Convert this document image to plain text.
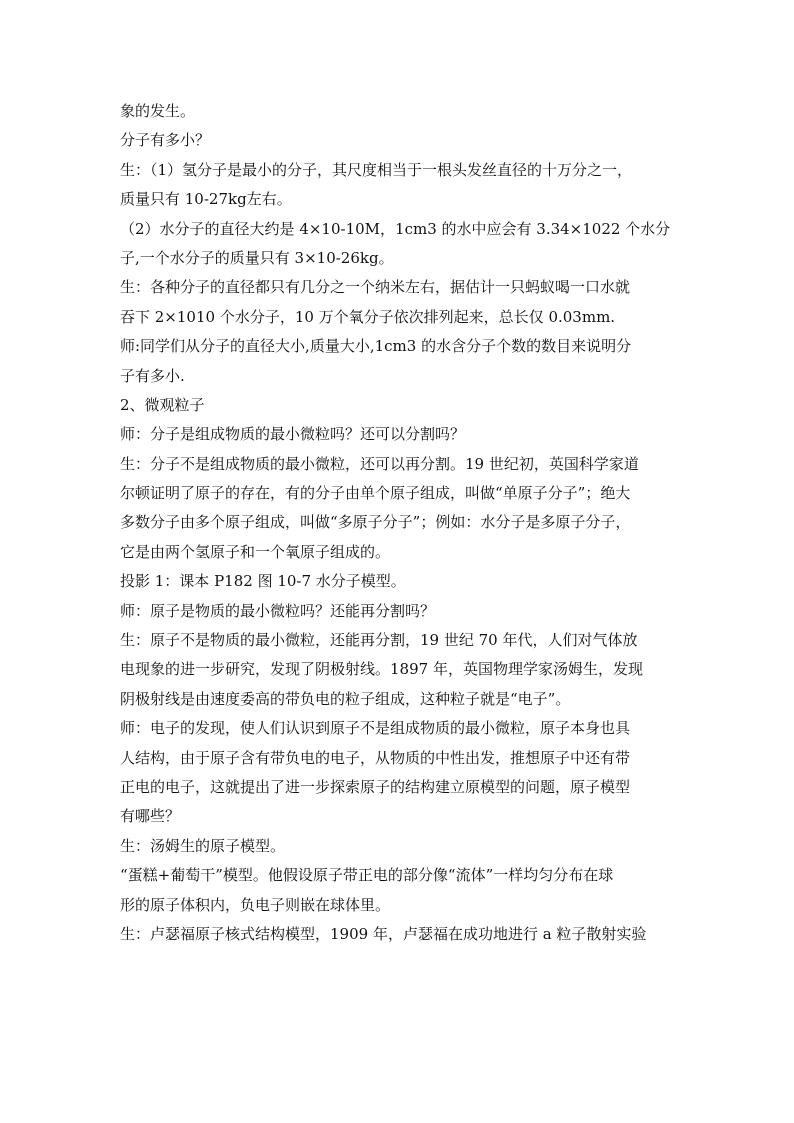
象的发生。

分子有多小？

生：（1）氢分子是最小的分子，其尺度相当于一根头发丝直径的十万分之一，

质量只有 10-27kg左右。

（2）水分子的直径大约是 4×10-10M，1cm3 的水中应会有 3.34×1022 个水分

子,一个水分子的质量只有 3×10-26kg。

生：各种分子的直径都只有几分之一个纳米左右，据估计一只蚂蚁喝一口水就

吞下 2×1010 个水分子，10 万个氧分子依次排列起来，总长仅 0.03mm.

师:同学们从分子的直径大小,质量大小,1cm3 的水含分子个数的数目来说明分

子有多小.

2、微观粒子

师：分子是组成物质的最小微粒吗？还可以分割吗？

生：分子不是组成物质的最小微粒，还可以再分割。19 世纪初，英国科学家道

尔顿证明了原子的存在，有的分子由单个原子组成，叫做“单原子分子”；绝大

多数分子由多个原子组成，叫做“多原子分子”；例如：水分子是多原子分子，

它是由两个氢原子和一个氧原子组成的。

投影 1：课本 P182 图 10-7 水分子模型。

师：原子是物质的最小微粒吗？还能再分割吗？

生：原子不是物质的最小微粒，还能再分割，19 世纪 70 年代，人们对气体放

电现象的进一步研究，发现了阴极射线。1897 年，英国物理学家汤姆生，发现

阴极射线是由速度委高的带负电的粒子组成，这种粒子就是“电子”。

师：电子的发现，使人们认识到原子不是组成物质的最小微粒，原子本身也具

人结构，由于原子含有带负电的电子，从物质的中性出发，推想原子中还有带

正电的电子，这就提出了进一步探索原子的结构建立原模型的问题，原子模型

有哪些？

生：汤姆生的原子模型。

“蛋糕+葡萄干”模型。他假设原子带正电的部分像“流体”一样均匀分布在球

形的原子体积内，负电子则嵌在球体里。

生：卢瑟福原子核式结构模型，1909 年，卢瑟福在成功地进行 a 粒子散射实验
